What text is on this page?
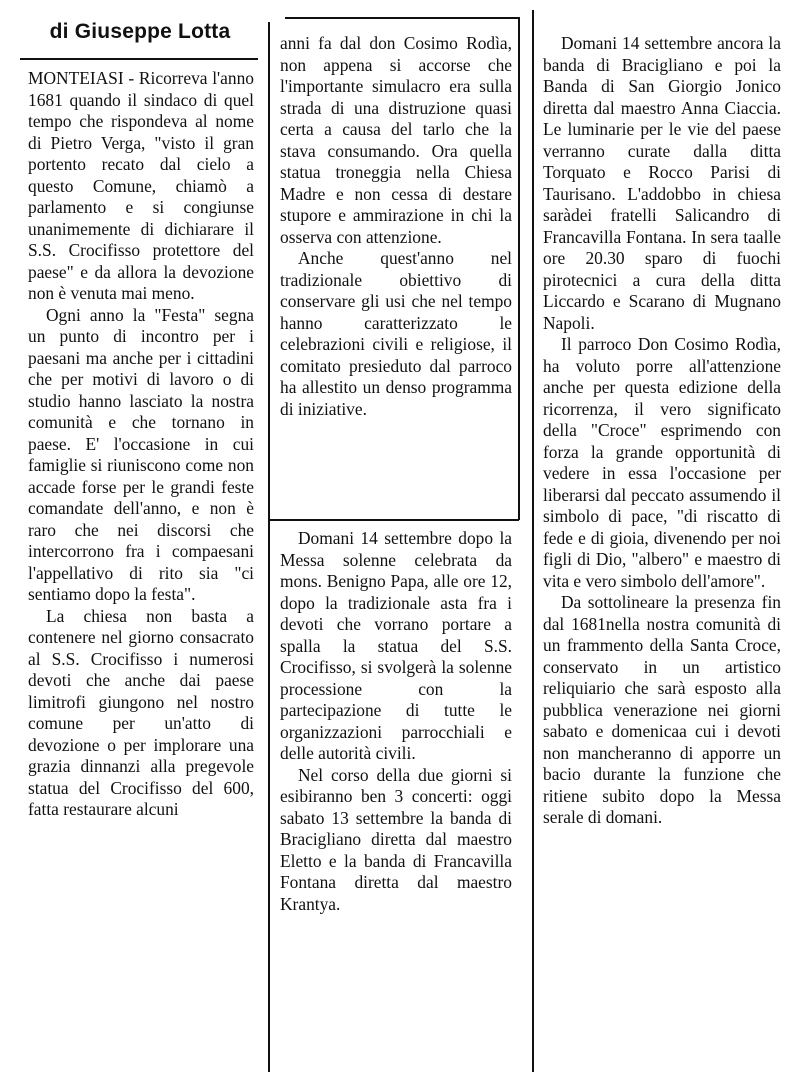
di Giuseppe Lotta

MONTEIASI - Ricorreva l'anno 1681 quando il sindaco di quel tempo che rispondeva al nome di Pietro Verga, "visto il gran portento recato dal cielo a questo Comune, chiamò a parlamento e si congiunse unanimemente di dichiarare il S.S. Crocifisso protettore del paese" e da allora la devozione non è venuta mai meno.

Ogni anno la "Festa" segna un punto di incontro per i paesani ma anche per i cittadini che per motivi di lavoro o di studio hanno lasciato la nostra comunità e che tornano in paese. E' l'occasione in cui famiglie si riuniscono come non accade forse per le grandi feste comandate dell'anno, e non è raro che nei discorsi che intercorrono fra i compaesani l'appellativo di rito sia "ci sentiamo dopo la festa".

La chiesa non basta a contenere nel giorno consacrato al S.S. Crocifisso i numerosi devoti che anche dai paese limitrofi giungono nel nostro comune per un'atto di devozione o per implorare una grazia dinnanzi alla pregevole statua del Crocifisso del 600, fatta restaurare alcuni

anni fa dal don Cosimo Rodìa, non appena si accorse che l'importante simulacro era sulla strada di una distruzione quasi certa a causa del tarlo che la stava consumando. Ora quella statua troneggia nella Chiesa Madre e non cessa di destare stupore e ammirazione in chi la osserva con attenzione.

Anche quest'anno nel tradizionale obiettivo di conservare gli usi che nel tempo hanno caratterizzato le celebrazioni civili e religiose, il comitato presieduto dal parroco ha allestito un denso programma di iniziative.

Domani 14 settembre dopo la Messa solenne celebrata da mons. Benigno Papa, alle ore 12, dopo la tradizionale asta fra i devoti che vorrano portare a spalla la statua del S.S. Crocifisso, si svolgerà la solenne processione con la partecipazione di tutte le organizzazioni parrocchiali e delle autorità civili.

Nel corso della due giorni si esibiranno ben 3 concerti: oggi sabato 13 settembre la banda di Bracigliano diretta dal maestro Eletto e la banda di Francavilla Fontana diretta dal maestro Krantya.

Domani 14 settembre ancora la banda di Bracigliano e poi la Banda di San Giorgio Jonico diretta dal maestro Anna Ciaccia. Le luminarie per le vie del paese verranno curate dalla ditta Torquato e Rocco Parisi di Taurisano. L'addobbo in chiesa saràdei fratelli Salicandro di Francavilla Fontana. In sera taalle ore 20.30 sparo di fuochi pirotecnici a cura della ditta Liccardo e Scarano di Mugnano Napoli.

Il parroco Don Cosimo Rodìa, ha voluto porre all'attenzione anche per questa edizione della ricorrenza, il vero significato della "Croce" esprimendo con forza la grande opportunità di vedere in essa l'occasione per liberarsi dal peccato assumendo il simbolo di pace, "di riscatto di fede e di gioia, divenendo per noi figli di Dio, "albero" e maestro di vita e vero simbolo dell'amore".

Da sottolineare la presenza fin dal 1681nella nostra comunità di un frammento della Santa Croce, conservato in un artistico reliquiario che sarà esposto alla pubblica venerazione nei giorni sabato e domenicaa cui i devoti non mancheranno di apporre un bacio durante la funzione che ritiene subito dopo la Messa serale di domani.
